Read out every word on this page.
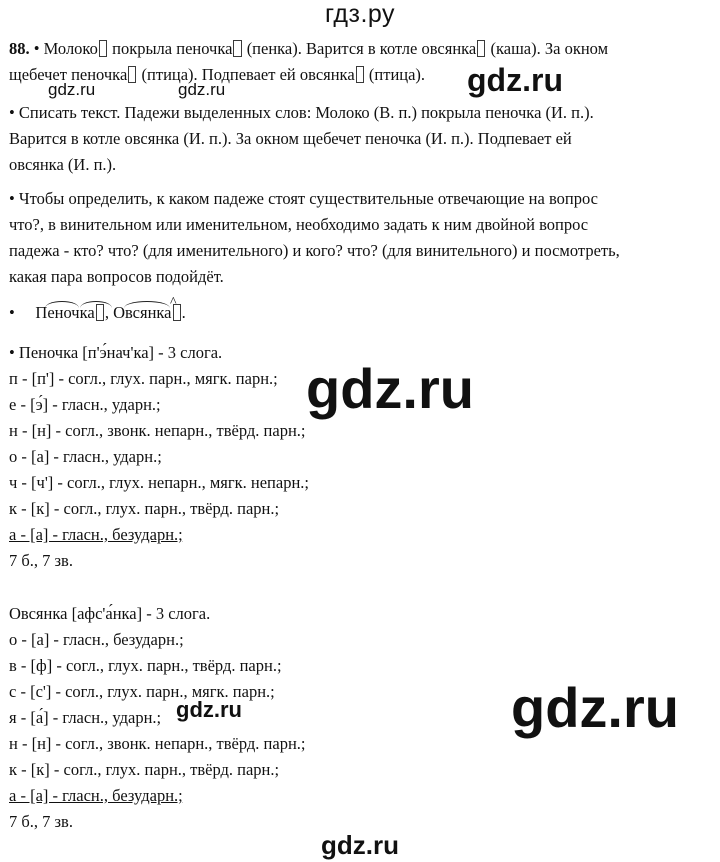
гдз.ру
88. • Молоко покрыла пеночка (пенка). Варится в котле овсянка (каша). За окном
щебечет пеночка (птица). Подпевает ей овсянка (птица).
gdz.ru	gdz.ru	gdz.ru
• Списать текст. Падежи выделенных слов: Молоко (В. п.) покрыла пеночка (И. п.).
Варится в котле овсянка (И. п.). За окном щебечет пеночка (И. п.). Подпевает ей
овсянка (И. п.).
• Чтобы определить, к каком падеже стоят существительные отвечающие на вопрос
что?, в винительном или именительном, необходимо задать к ним двойной вопрос
падежа - кто? что? (для именительного) и кого? что? (для винительного) и посмотреть,
какая пара вопросов подойдёт.
• Пеночка , Овсянка .
^
• Пеночка [п'э́нач'ка] - 3 слога.
п - [п'] - согл., глух. парн., мягк. парн.;
е - [э́] - гласн., ударн.;
н - [н] - согл., звонк. непарн., твёрд. парн.;
о - [а] - гласн., ударн.;
ч - [ч'] - согл., глух. непарн., мягк. непарн.;
к - [к] - согл., глух. парн., твёрд. парн.;
а - [а] - гласн., безударн.;
7 б., 7 зв.
gdz.ru
Овсянка [афс'а́нка] - 3 слога.
о - [а] - гласн., безударн.;
в - [ф] - согл., глух. парн., твёрд. парн.;
с - [с'] - согл., глух. парн., мягк. парн.;
я - [а́] - гласн., ударн.;
н - [н] - согл., звонк. непарн., твёрд. парн.;
к - [к] - согл., глух. парн., твёрд. парн.;
а - [а] - гласн., безударн.;
7 б., 7 зв.
gdz.ru	gdz.ru
gdz.ru
